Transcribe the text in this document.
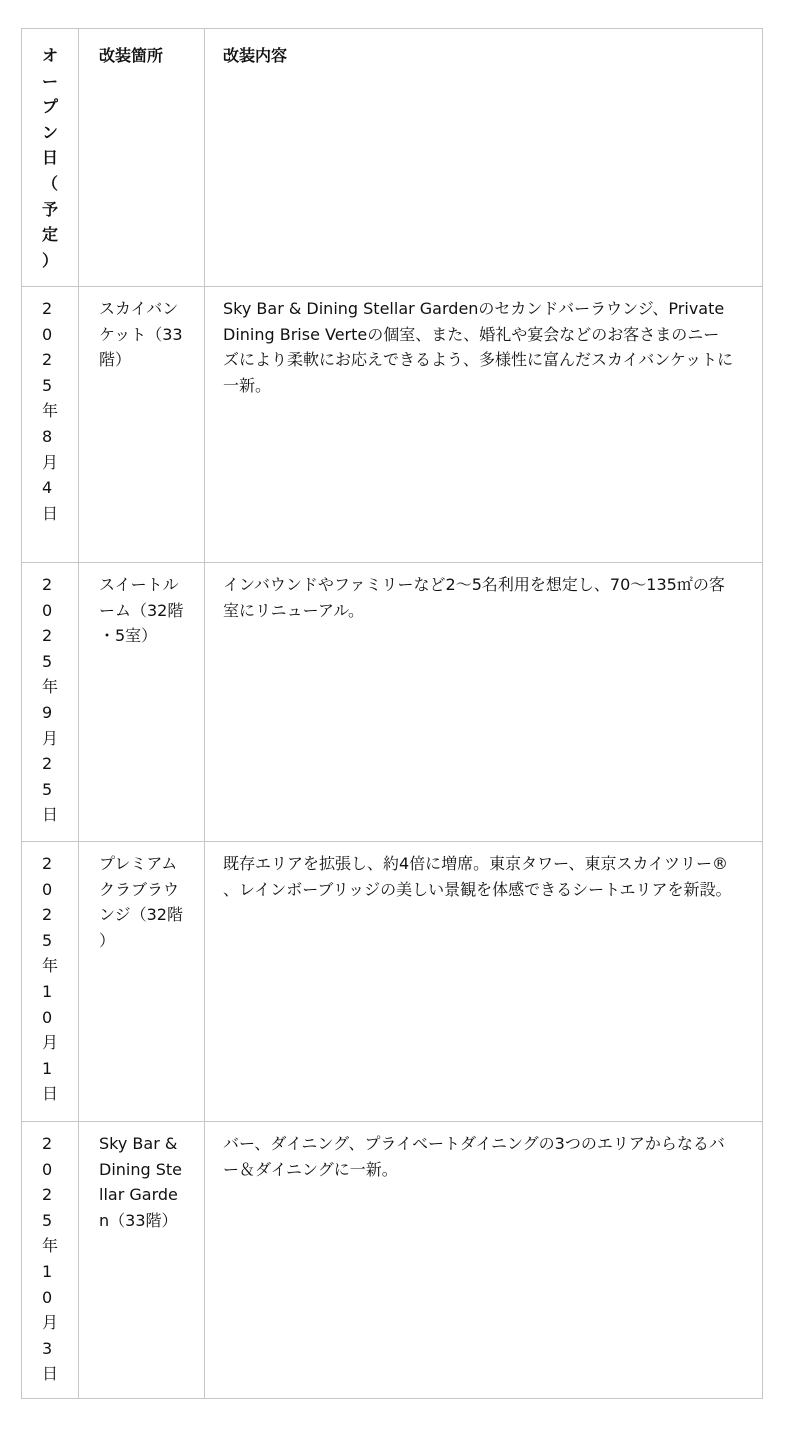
オープン日（予定）	改装箇所	改装内容
2025年8月4日	スカイバンケット（33階）	Sky Bar & Dining Stellar Gardenのセカンドバーラウンジ、Private Dining Brise Verteの個室、また、婚礼や宴会などのお客さまのニーズにより柔軟にお応えできるよう、多様性に富んだスカイバンケットに一新。
2025年9月25日	スイートルーム（32階・5室）	インバウンドやファミリーなど2〜5名利用を想定し、70〜135㎡の客室にリニューアル。
2025年10月1日	プレミアムクラブラウンジ（32階）	既存エリアを拡張し、約4倍に増席。東京タワー、東京スカイツリー®、レインボーブリッジの美しい景観を体感できるシートエリアを新設。
2025年10月3日	Sky Bar & Dining Stellar Garden（33階）	バー、ダイニング、プライベートダイニングの3つのエリアからなるバー＆ダイニングに一新。
